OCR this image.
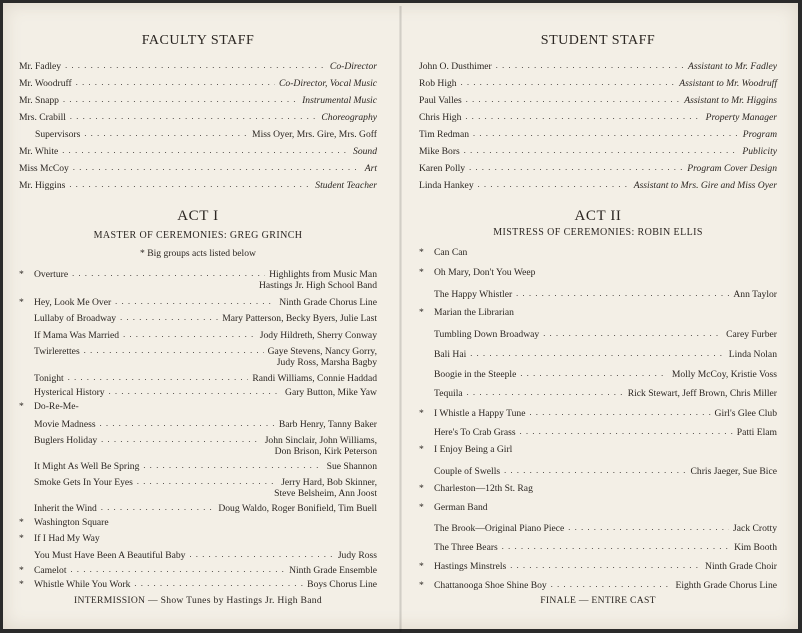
FACULTY STAFF
Mr. Fadley . . .	Co-Director
Mr. Woodruff . . .	Co-Director, Vocal Music
Mr. Snapp . . .	Instrumental Music
Mrs. Crabill . . .	Choreography
Supervisors . . .	Miss Oyer, Mrs. Gire, Mrs. Goff
Mr. White . . .	Sound
Miss McCoy . . .	Art
Mr. Higgins . . .	Student Teacher
ACT I
MASTER OF CEREMONIES: GREG GRINCH
* Big groups acts listed below
*	Overture . . .	Highlights from Music Man
Hastings Jr. High School Band
*	Hey, Look Me Over . . .	Ninth Grade Chorus Line
Lullaby of Broadway . . .	Mary Patterson, Becky Byers, Julie Last
If Mama Was Married . . .	Jody Hildreth, Sherry Conway
Twirlerettes . . .	Gaye Stevens, Nancy Gorry,
Judy Ross, Marsha Bagby
Tonight . . .	Randi Williams, Connie Haddad
Hysterical History . . .	Gary Button, Mike Yaw
*	Do-Re-Me-
Movie Madness . . .	Barb Henry, Tanny Baker
Buglers Holiday . . .	John Sinclair, John Williams,
Don Brison, Kirk Peterson
It Might As Well Be Spring . . .	Sue Shannon
Smoke Gets In Your Eyes . . .	Jerry Hard, Bob Skinner,
Steve Belsheim, Ann Joost
Inherit the Wind . . .	Doug Waldo, Roger Bonifield, Tim Buell
*	Washington Square
*	If I Had My Way
You Must Have Been A Beautiful Baby . . .	Judy Ross
*	Camelot . . .	Ninth Grade Ensemble
*	Whistle While You Work . . .	Boys Chorus Line
INTERMISSION — Show Tunes by Hastings Jr. High Band
STUDENT STAFF
John O. Dusthimer . . .	Assistant to Mr. Fadley
Rob High . . .	Assistant to Mr. Woodruff
Paul Valles . . .	Assistant to Mr. Higgins
Chris High . . .	Property Manager
Tim Redman . . .	Program
Mike Bors . . .	Publicity
Karen Polly . . .	Program Cover Design
Linda Hankey . . .	Assistant to Mrs. Gire and Miss Oyer
ACT II
MISTRESS OF CEREMONIES: ROBIN ELLIS
*	Can Can
*	Oh Mary, Don't You Weep
The Happy Whistler . . .	Ann Taylor
*	Marian the Librarian
Tumbling Down Broadway . . .	Carey Furber
Bali Hai . . .	Linda Nolan
Boogie in the Steeple . . .	Molly McCoy, Kristie Voss
Tequila . . .	Rick Stewart, Jeff Brown, Chris Miller
*	I Whistle a Happy Tune . . .	Girl's Glee Club
Here's To Crab Grass . . .	Patti Elam
*	I Enjoy Being a Girl
Couple of Swells . . .	Chris Jaeger, Sue Bice
*	Charleston—12th St. Rag
*	German Band
The Brook—Original Piano Piece . . .	Jack Crotty
The Three Bears . . .	Kim Booth
*	Hastings Minstrels . . .	Ninth Grade Choir
*	Chattanooga Shoe Shine Boy . . .	Eighth Grade Chorus Line
FINALE — ENTIRE CAST
